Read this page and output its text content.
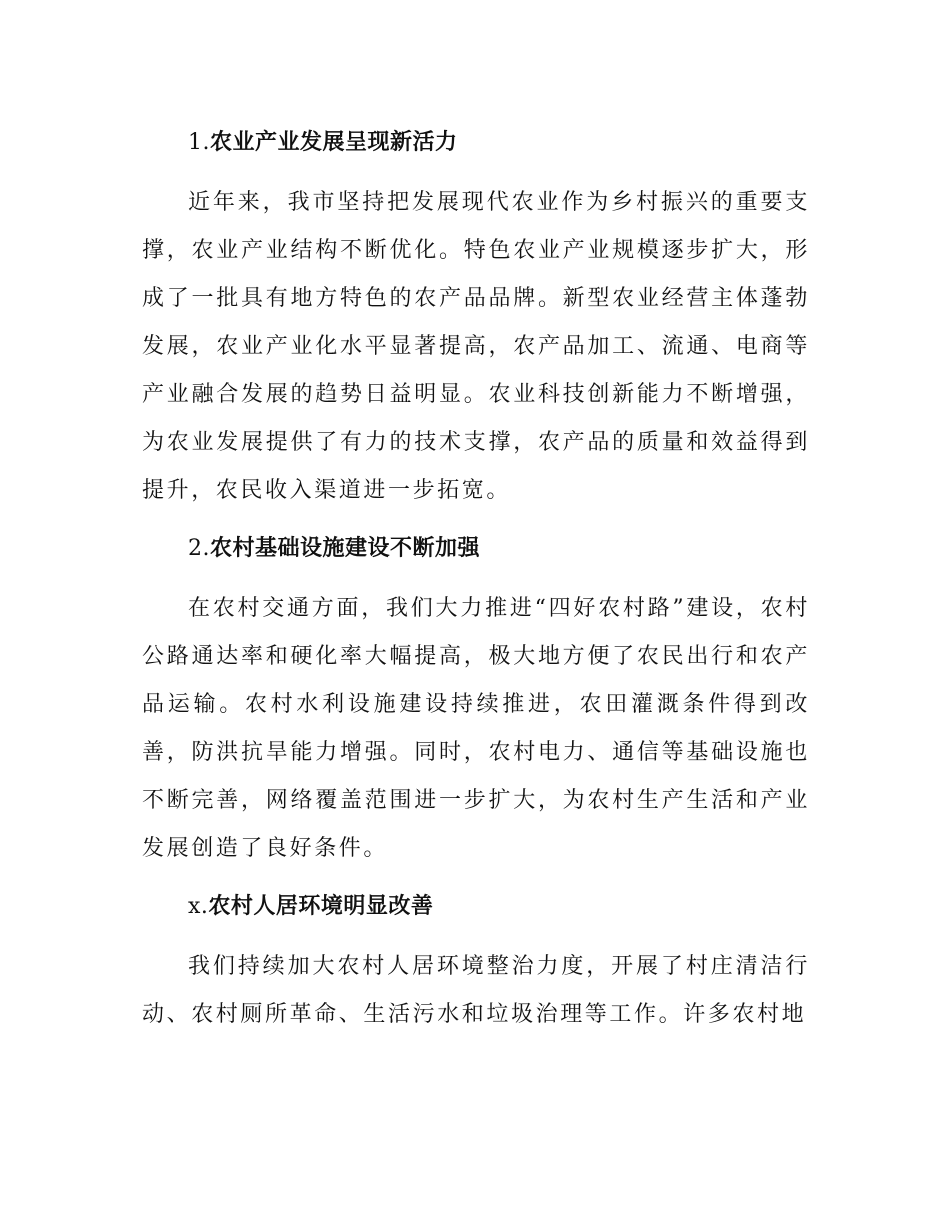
1.农业产业发展呈现新活力

近年来，我市坚持把发展现代农业作为乡村振兴的重要支撑，农业产业结构不断优化。特色农业产业规模逐步扩大，形成了一批具有地方特色的农产品品牌。新型农业经营主体蓬勃发展，农业产业化水平显著提高，农产品加工、流通、电商等产业融合发展的趋势日益明显。农业科技创新能力不断增强，为农业发展提供了有力的技术支撑，农产品的质量和效益得到提升，农民收入渠道进一步拓宽。

2.农村基础设施建设不断加强

在农村交通方面，我们大力推进“四好农村路”建设，农村公路通达率和硬化率大幅提高，极大地方便了农民出行和农产品运输。农村水利设施建设持续推进，农田灌溉条件得到改善，防洪抗旱能力增强。同时，农村电力、通信等基础设施也不断完善，网络覆盖范围进一步扩大，为农村生产生活和产业发展创造了良好条件。

x.农村人居环境明显改善

我们持续加大农村人居环境整治力度，开展了村庄清洁行动、农村厕所革命、生活污水和垃圾治理等工作。许多农村地
